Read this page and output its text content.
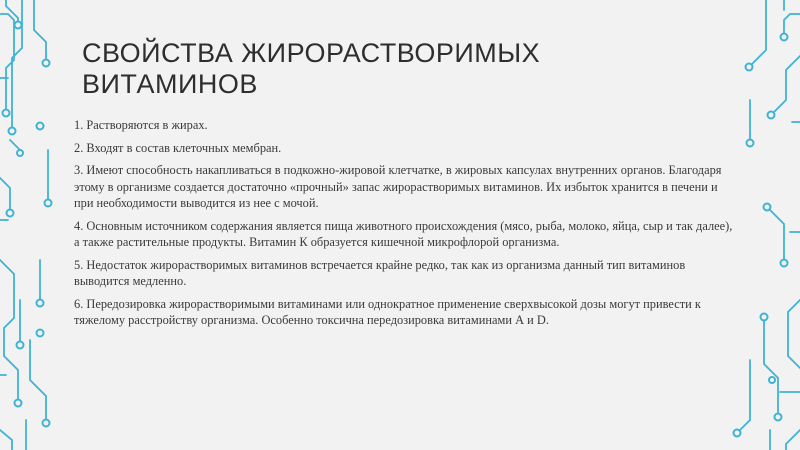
СВОЙСТВА ЖИРОРАСТВОРИМЫХ
ВИТАМИНОВ

1. Растворяются в жирах.

2. Входят в состав клеточных мембран.

3. Имеют способность накапливаться в подкожно-жировой клетчатке, в жировых капсулах внутренних органов. Благодаря этому в организме создается достаточно «прочный» запас жирорастворимых витаминов. Их избыток хранится в печени и при необходимости выводится из нее с мочой.

4. Основным источником содержания является пища животного происхождения (мясо, рыба, молоко, яйца, сыр и так далее), а также растительные продукты. Витамин К образуется кишечной микрофлорой организма.

5. Недостаток жирорастворимых витаминов встречается крайне редко, так как из организма данный тип витаминов выводится медленно.

6. Передозировка жирорастворимыми витаминами или однократное применение сверхвысокой дозы могут привести к тяжелому расстройству организма. Особенно токсична передозировка витаминами А и D.
